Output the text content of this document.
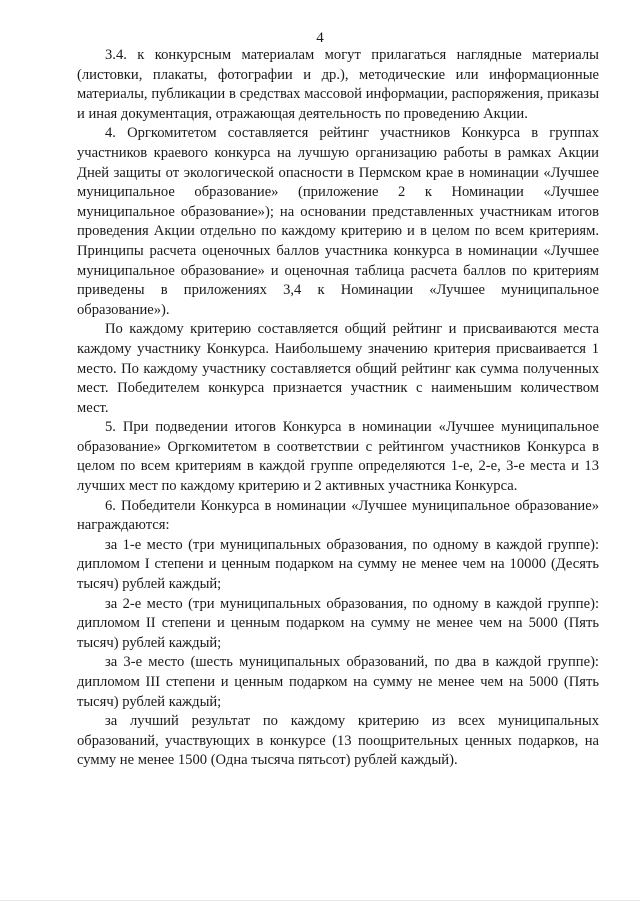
4

3.4. к конкурсным материалам могут прилагаться наглядные материалы (листовки, плакаты, фотографии и др.), методические или информационные материалы, публикации в средствах массовой информации, распоряжения, приказы и иная документация, отражающая деятельность по проведению Акции.

4. Оргкомитетом составляется рейтинг участников Конкурса в группах участников краевого конкурса на лучшую организацию работы в рамках Акции Дней защиты от экологической опасности в Пермском крае в номинации «Лучшее муниципальное образование» (приложение 2 к Номинации «Лучшее муниципальное образование»); на основании представленных участникам итогов проведения Акции отдельно по каждому критерию и в целом по всем критериям. Принципы расчета оценочных баллов участника конкурса в номинации «Лучшее муниципальное образование» и оценочная таблица расчета баллов по критериям приведены в приложениях 3,4 к Номинации «Лучшее муниципальное образование»).

По каждому критерию составляется общий рейтинг и присваиваются места каждому участнику Конкурса. Наибольшему значению критерия присваивается 1 место. По каждому участнику составляется общий рейтинг как сумма полученных мест. Победителем конкурса признается участник с наименьшим количеством мест.

5. При подведении итогов Конкурса в номинации «Лучшее муниципальное образование» Оргкомитетом в соответствии с рейтингом участников Конкурса в целом по всем критериям в каждой группе определяются 1-е, 2-е, 3-е места и 13 лучших мест по каждому критерию и 2 активных участника Конкурса.

6. Победители Конкурса в номинации «Лучшее муниципальное образование» награждаются:

за 1-е место (три муниципальных образования, по одному в каждой группе): дипломом I степени и ценным подарком на сумму не менее чем на 10000 (Десять тысяч) рублей каждый;

за 2-е место (три муниципальных образования, по одному в каждой группе): дипломом II степени и ценным подарком на сумму не менее чем на 5000 (Пять тысяч) рублей каждый;

за 3-е место (шесть муниципальных образований, по два в каждой группе): дипломом III степени и ценным подарком на сумму не менее чем на 5000 (Пять тысяч) рублей каждый;

за лучший результат по каждому критерию из всех муниципальных образований, участвующих в конкурсе (13 поощрительных ценных подарков, на сумму не менее 1500 (Одна тысяча пятьсот) рублей каждый).
